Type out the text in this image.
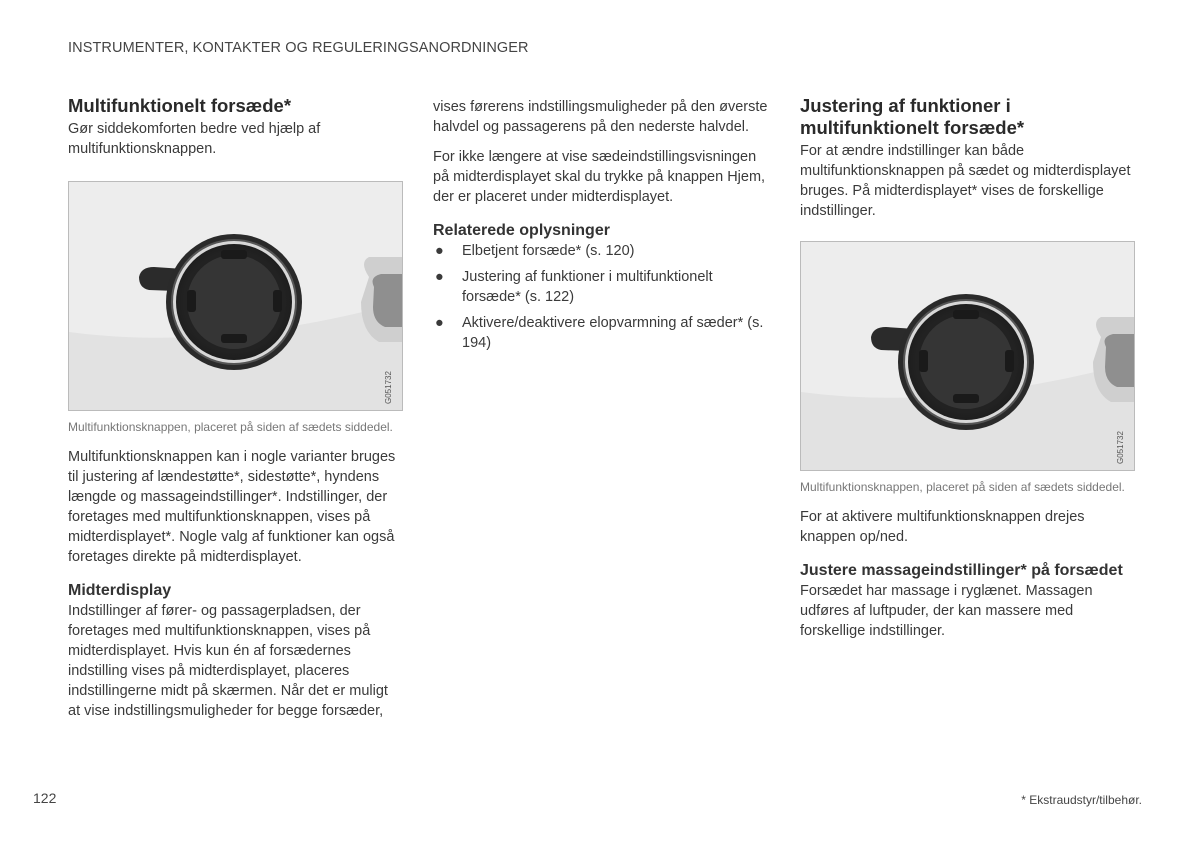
INSTRUMENTER, KONTAKTER OG REGULERINGSANORDNINGER
Multifunktionelt forsæde*

Gør siddekomforten bedre ved hjælp af multifunktionsknappen.

G051732
Multifunktionsknappen, placeret på siden af sædets siddedel.

Multifunktionsknappen kan i nogle varianter bruges til justering af lændestøtte*, sidestøtte*, hyndens længde og massageindstillinger*. Indstillinger, der foretages med multifunktionsknappen, vises på midterdisplayet*. Nogle valg af funktioner kan også foretages direkte på midterdisplayet.

Midterdisplay

Indstillinger af fører- og passagerpladsen, der foretages med multifunktionsknappen, vises på midterdisplayet. Hvis kun én af forsædernes indstilling vises på midterdisplayet, placeres indstillingerne midt på skærmen. Når det er muligt at vise indstillingsmuligheder for begge forsæder,

vises førerens indstillingsmuligheder på den øverste halvdel og passagerens på den nederste halvdel.

For ikke længere at vise sædeindstillingsvisningen på midterdisplayet skal du trykke på knappen Hjem, der er placeret under midterdisplayet.

Relaterede oplysninger
● Elbetjent forsæde* (s. 120)
● Justering af funktioner i multifunktionelt forsæde* (s. 122)
● Aktivere/deaktivere elopvarmning af sæder* (s. 194)
Justering af funktioner i multifunktionelt forsæde*

For at ændre indstillinger kan både multifunktionsknappen på sædet og midterdisplayet bruges. På midterdisplayet* vises de forskellige indstillinger.

G051732
Multifunktionsknappen, placeret på siden af sædets siddedel.

For at aktivere multifunktionsknappen drejes knappen op/ned.

Justere massageindstillinger* på forsædet

Forsædet har massage i ryglænet. Massagen udføres af luftpuder, der kan massere med forskellige indstillinger.

122	* Ekstraudstyr/tilbehør.
